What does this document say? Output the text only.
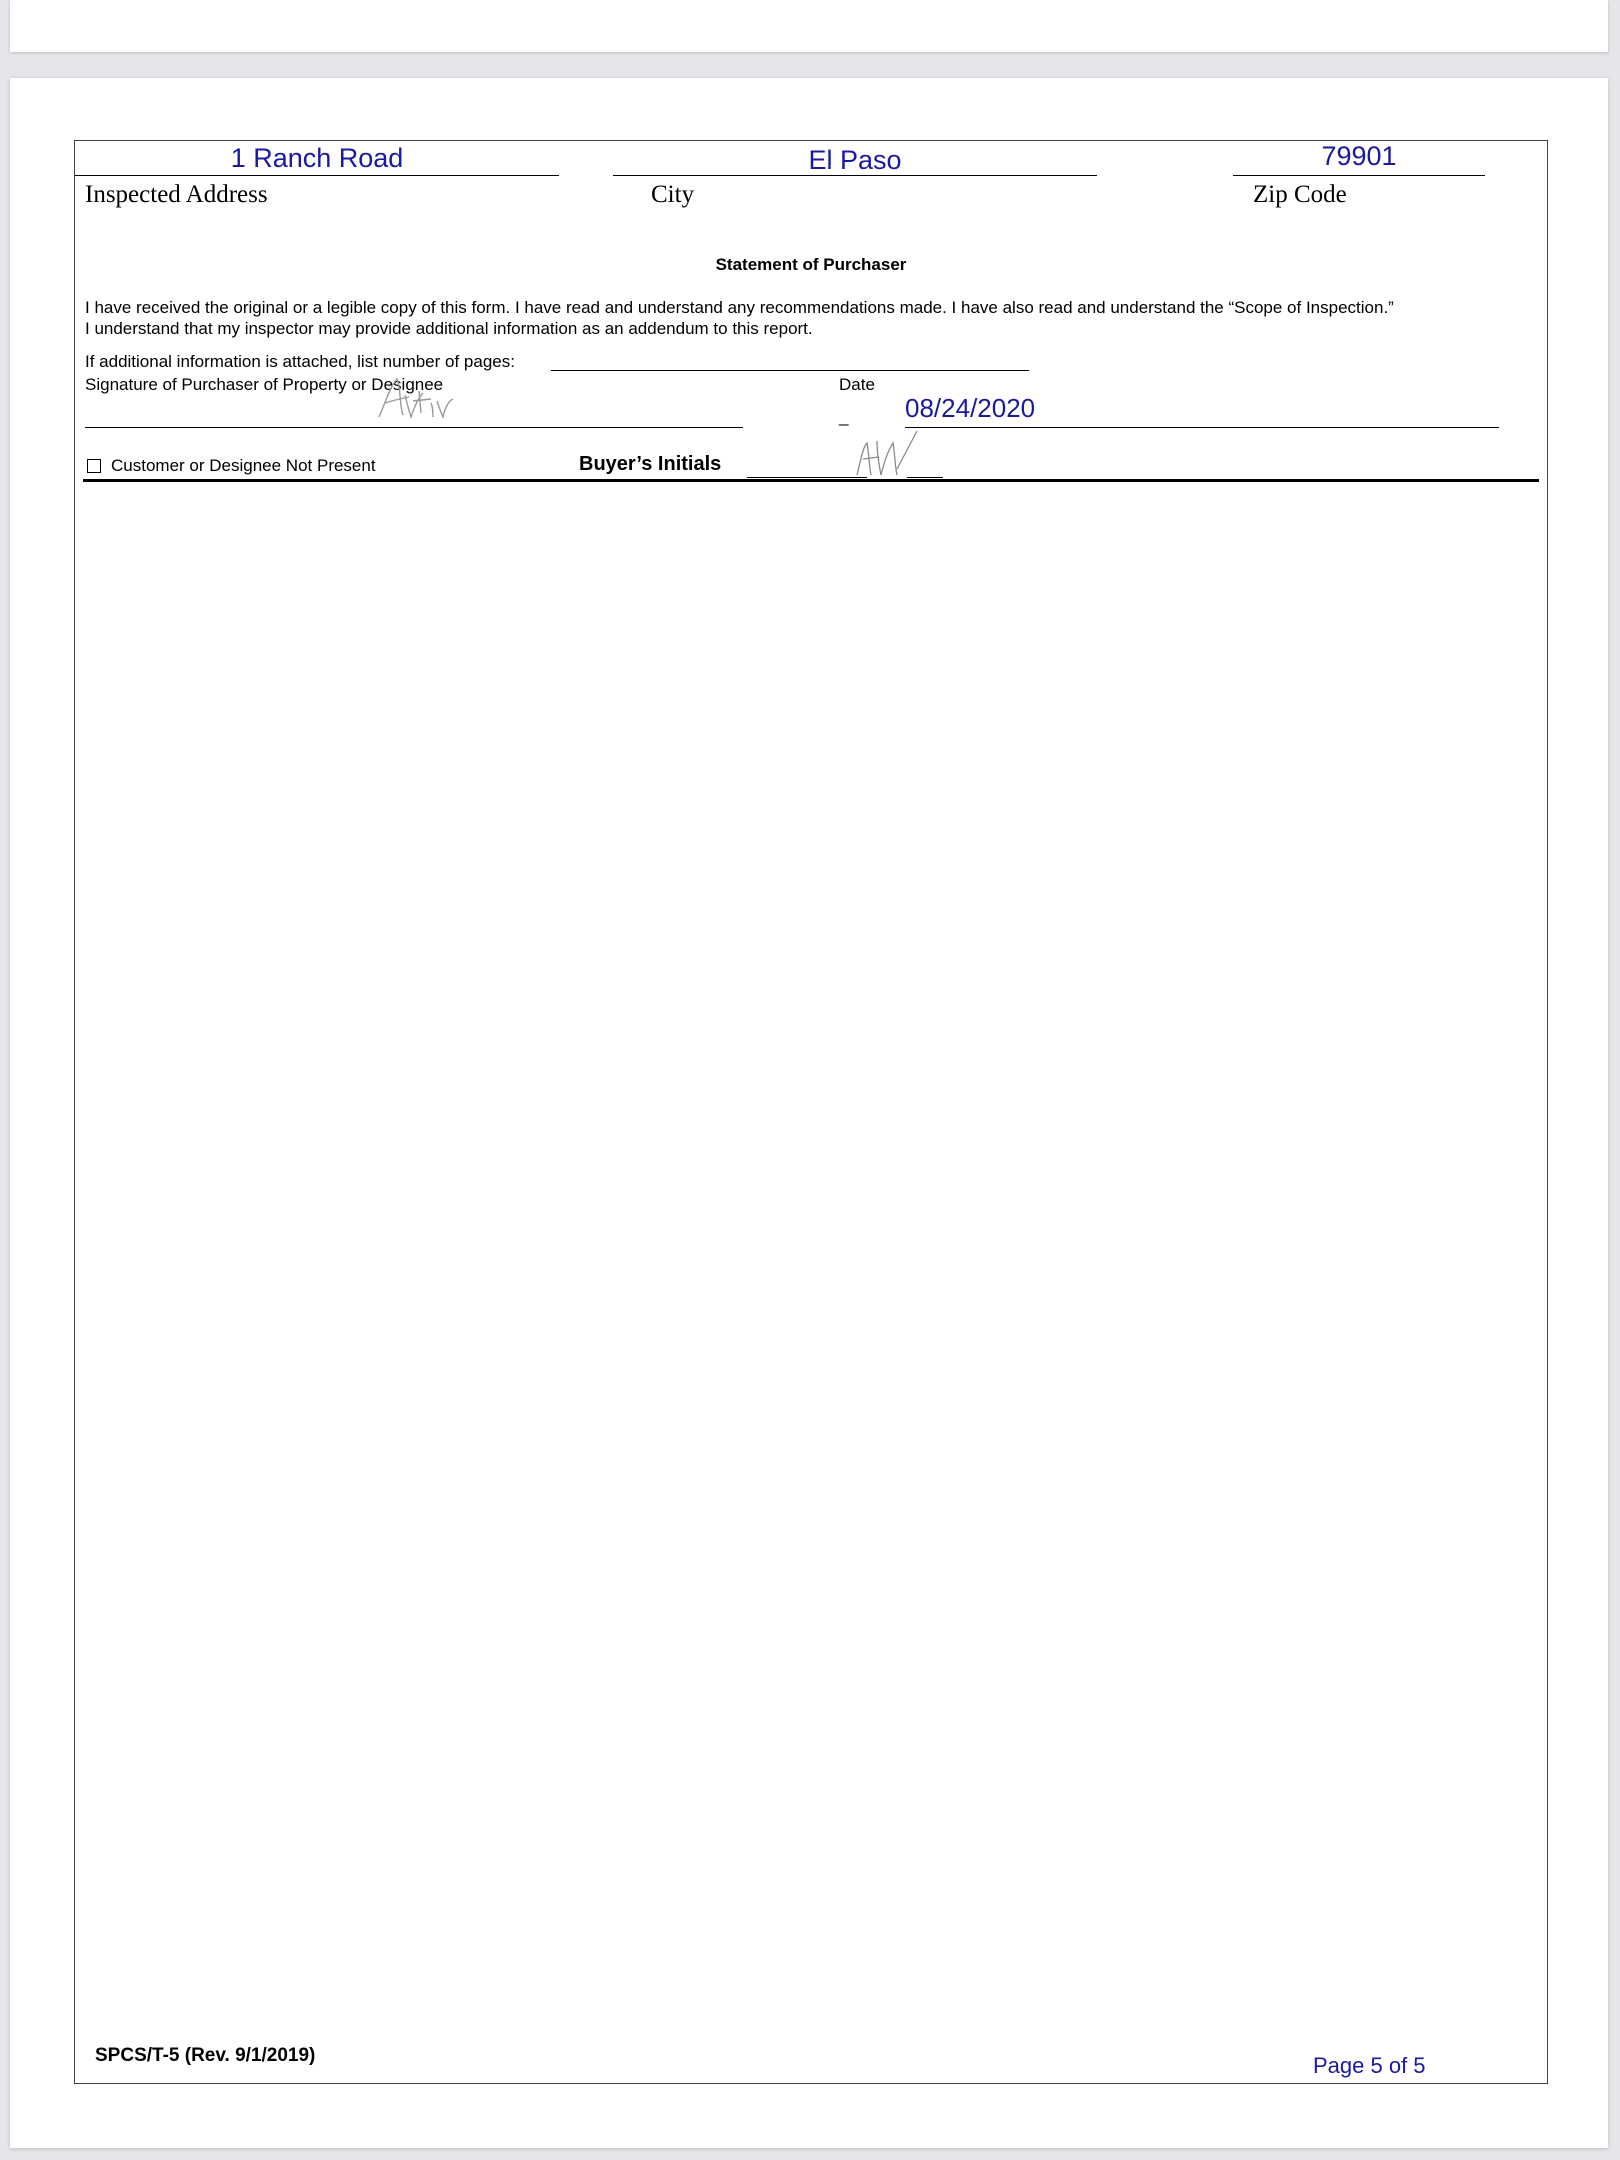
1 Ranch Road	El Paso	79901
Inspected Address	City	Zip Code
Statement of Purchaser
I have received the original or a legible copy of this form. I have read and understand any recommendations made. I have also read and understand the “Scope of Inspection.”
I understand that my inspector may provide additional information as an addendum to this report.
If additional information is attached, list number of pages:
Signature of Purchaser of Property or Designee	Date
_ 08/24/2020
Customer or Designee Not Present	Buyer’s Initials
SPCS/T-5 (Rev. 9/1/2019)	Page 5 of 5
